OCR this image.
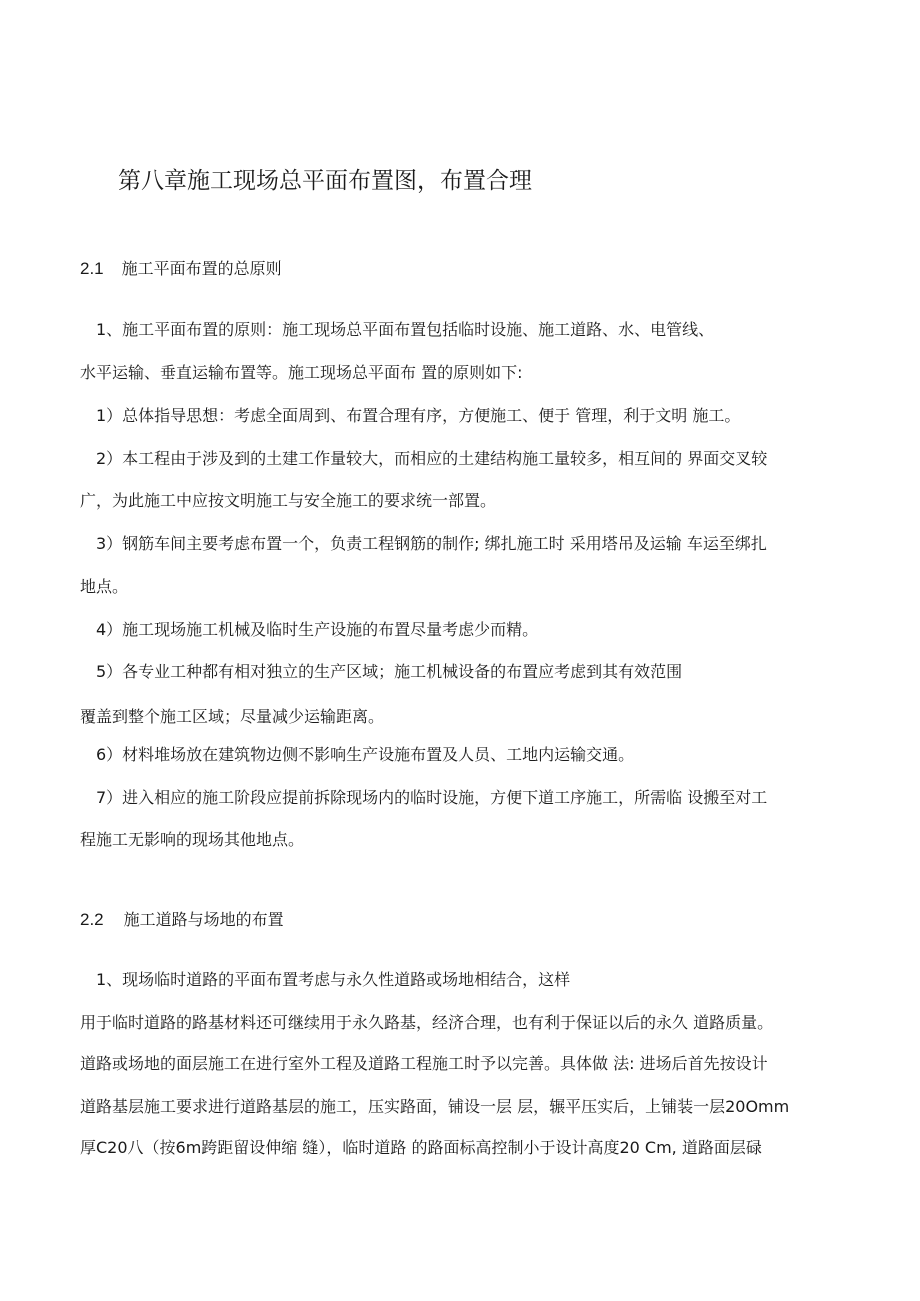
第八章施工现场总平面布置图，布置合理
2.1 施工平面布置的总原则
1、施工平面布置的原则：施工现场总平面布置包括临时设施、施工道路、水、电管线、
水平运输、垂直运输布置等。施工现场总平面布 置的原则如下:
1）总体指导思想：考虑全面周到、布置合理有序，方便施工、便于 管理，利于文明 施工。
2）本工程由于涉及到的土建工作量较大，而相应的土建结构施工量较多，相互间的 界面交叉较
广，为此施工中应按文明施工与安全施工的要求统一部置。
3）钢筋车间主要考虑布置一个，负责工程钢筋的制作; 绑扎施工时 采用塔吊及运输 车运至绑扎
地点。
4）施工现场施工机械及临时生产设施的布置尽量考虑少而精。
5）各专业工种都有相对独立的生产区域；施工机械设备的布置应考虑到其有效范围
覆盖到整个施工区域；尽量减少运输距离。
6）材料堆场放在建筑物边侧不影响生产设施布置及人员、工地内运输交通。
7）进入相应的施工阶段应提前拆除现场内的临时设施，方便下道工序施工，所需临 设搬至对工
程施工无影响的现场其他地点。
2.2 施工道路与场地的布置
1、现场临时道路的平面布置考虑与永久性道路或场地相结合，这样
用于临时道路的路基材料还可继续用于永久路基，经济合理，也有利于保证以后的永久 道路质量。
道路或场地的面层施工在进行室外工程及道路工程施工时予以完善。具体做 法: 进场后首先按设计
道路基层施工要求进行道路基层的施工，压实路面，铺设一层 层，辗平压实后，上铺装一层20Omm
厚C20八（按6m跨距留设伸缩 缝），临时道路 的路面标高控制小于设计高度20 Cm, 道路面层碌
